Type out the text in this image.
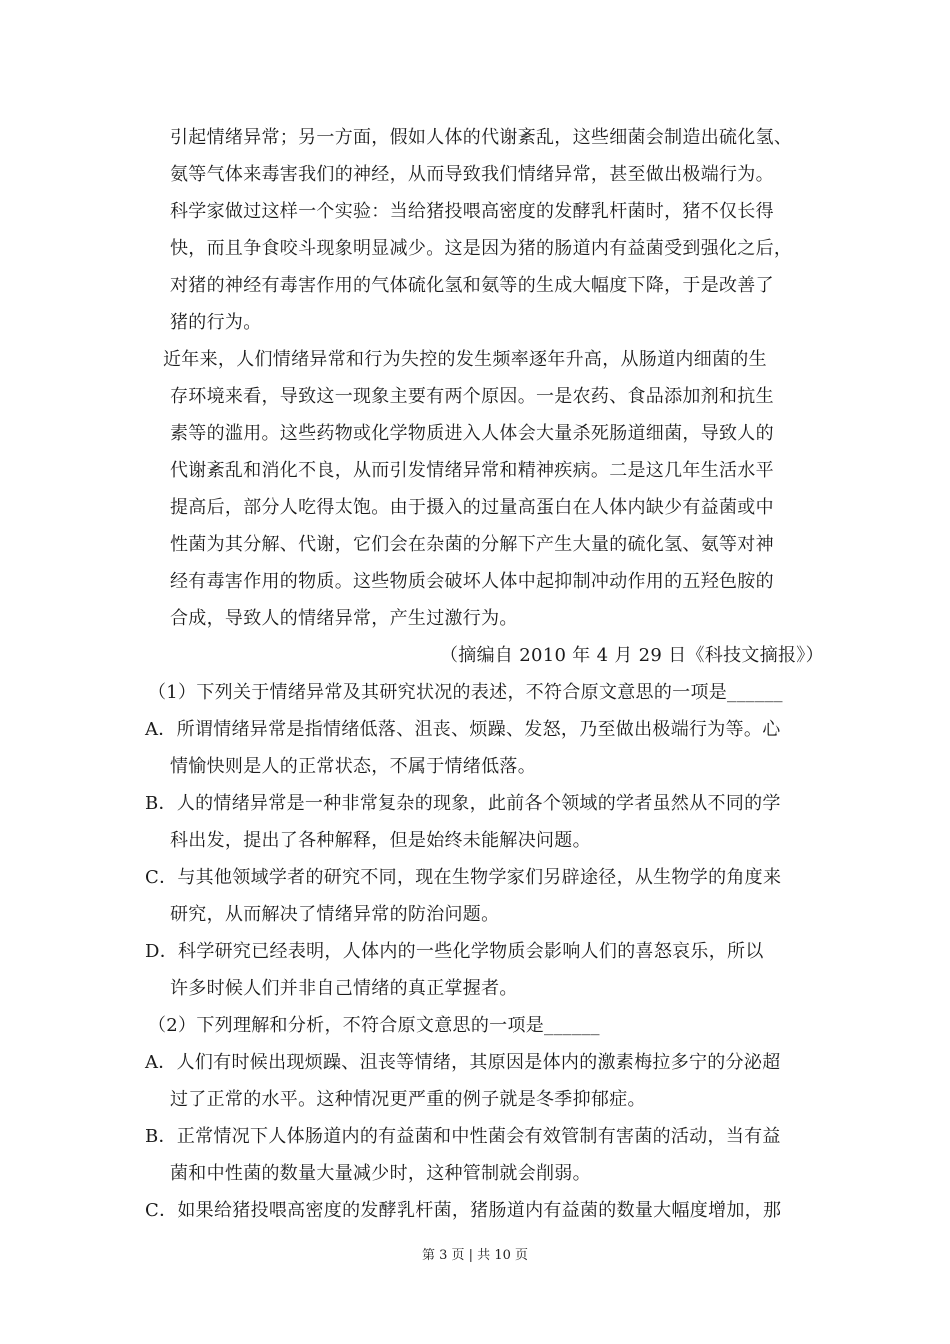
引起情绪异常；另一方面，假如人体的代谢紊乱，这些细菌会制造出硫化氢、
氨等气体来毒害我们的神经，从而导致我们情绪异常，甚至做出极端行为。
科学家做过这样一个实验：当给猪投喂高密度的发酵乳杆菌时，猪不仅长得
快，而且争食咬斗现象明显减少。这是因为猪的肠道内有益菌受到强化之后，
对猪的神经有毒害作用的气体硫化氢和氨等的生成大幅度下降，于是改善了
猪的行为。
近年来，人们情绪异常和行为失控的发生频率逐年升高，从肠道内细菌的生
存环境来看，导致这一现象主要有两个原因。一是农药、食品添加剂和抗生
素等的滥用。这些药物或化学物质进入人体会大量杀死肠道细菌，导致人的
代谢紊乱和消化不良，从而引发情绪异常和精神疾病。二是这几年生活水平
提高后，部分人吃得太饱。由于摄入的过量高蛋白在人体内缺少有益菌或中
性菌为其分解、代谢，它们会在杂菌的分解下产生大量的硫化氢、氨等对神
经有毒害作用的物质。这些物质会破坏人体中起抑制冲动作用的五羟色胺的
合成，导致人的情绪异常，产生过激行为。
（摘编自 2010 年 4 月 29 日《科技文摘报》）
（1）下列关于情绪异常及其研究状况的表述，不符合原文意思的一项是______
A．所谓情绪异常是指情绪低落、沮丧、烦躁、发怒，乃至做出极端行为等。心
情愉快则是人的正常状态，不属于情绪低落。
B．人的情绪异常是一种非常复杂的现象，此前各个领域的学者虽然从不同的学
科出发，提出了各种解释，但是始终未能解决问题。
C．与其他领域学者的研究不同，现在生物学家们另辟途径，从生物学的角度来
研究，从而解决了情绪异常的防治问题。
D．科学研究已经表明，人体内的一些化学物质会影响人们的喜怒哀乐，所以
许多时候人们并非自己情绪的真正掌握者。
（2）下列理解和分析，不符合原文意思的一项是______
A．人们有时候出现烦躁、沮丧等情绪，其原因是体内的激素梅拉多宁的分泌超
过了正常的水平。这种情况更严重的例子就是冬季抑郁症。
B．正常情况下人体肠道内的有益菌和中性菌会有效管制有害菌的活动，当有益
菌和中性菌的数量大量减少时，这种管制就会削弱。
C．如果给猪投喂高密度的发酵乳杆菌，猪肠道内有益菌的数量大幅度增加，那
第 3 页 | 共 10 页
